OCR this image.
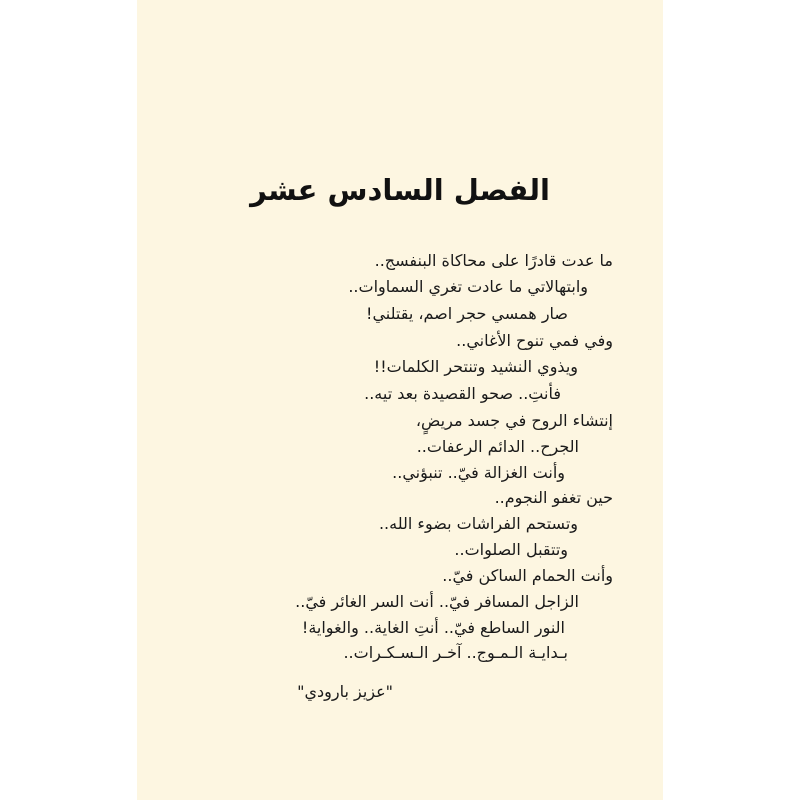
الفصل السادس عشر
ما عدت قادرًا على محاكاة البنفسج..
وابتهالاتي ما عادت تغري السماوات..
صار همسي حجر اصم، يقتلني!
وفي فمي تنوح الأغاني..
ويذوي النشيد وتنتحر الكلمات!!
فأنتِ.. صحو القصيدة بعد تيه..
إنتشاء الروح في جسد مريضٍ،
الجرح.. الدائم الرعفات..
وأنت الغزالة فيّ.. تنبؤني..
حين تغفو النجوم..
وتستحم الفراشات بضوء الله..
وتتقبل الصلوات..
وأنت الحمام الساكن فيّ..
الزاجل المسافر فيّ.. أنت السر الغائر فيّ..
النور الساطع فيّ.. أنتِ الغاية.. والغواية!
بـدايـة الـمـوج.. آخـر الـسـكـرات..
"عزيز بارودي"
